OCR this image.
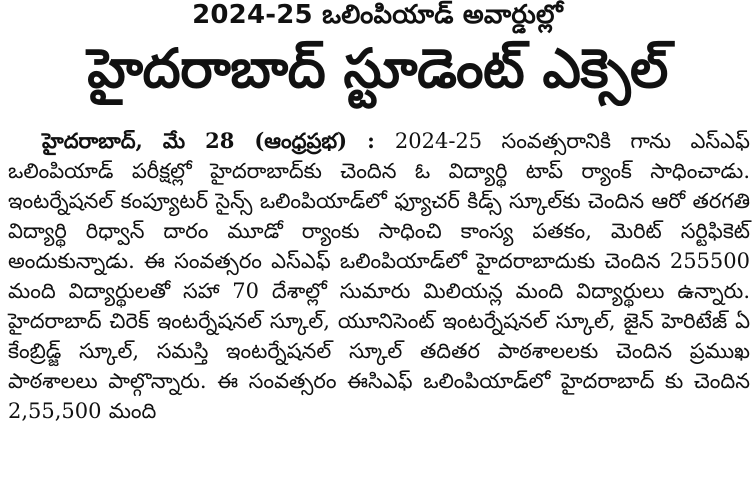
2024-25 ఒలింపియాడ్ అవార్డుల్లో
హైదరాబాద్ స్టూడెంట్ ఎక్సెల్

హైదరాబాద్, మే 28 (ఆంధ్రప్రభ) : 2024-25 సంవత్సరానికి గాను ఎస్ఎఫ్ ఒలింపియాడ్ పరీక్షల్లో హైదరాబాద్‌కు చెందిన ఓ విద్యార్థి టాప్ ర్యాంక్ సాధించాడు. ఇంటర్నేషనల్ కంప్యూటర్ సైన్స్ ఒలింపియాడ్‌లో ఫ్యూచర్ కిడ్స్ స్కూల్‌కు చెందిన ఆరో తరగతి విద్యార్థి రిధ్వాన్ దారం మూడో ర్యాంకు సాధించి కాంస్య పతకం, మెరిట్ సర్టిఫికెట్ అందుకున్నాడు. ఈ సంవత్సరం ఎస్ఎఫ్ ఒలింపియాడ్‌లో హైదరాబాదుకు చెందిన 255500 మంది విద్యార్థులతో సహా 70 దేశాల్లో సుమారు మిలియన్ల మంది విద్యార్థులు ఉన్నారు. హైదరాబాద్ చిరెక్ ఇంటర్నేషనల్ స్కూల్, యూనిసెంట్ ఇంటర్నేషనల్ స్కూల్, జైన్ హెరిటేజ్ ఏ కేంబ్రిడ్జ్ స్కూల్, సమస్తి ఇంటర్నేషనల్ స్కూల్ తదితర పాఠశాలలకు చెందిన ప్రముఖ పాఠశాలలు పాల్గొన్నారు. ఈ సంవత్సరం ఈసిఎఫ్ ఒలింపియాడ్‌లో హైదరాబాద్ కు చెందిన 2,55,500 మంది
